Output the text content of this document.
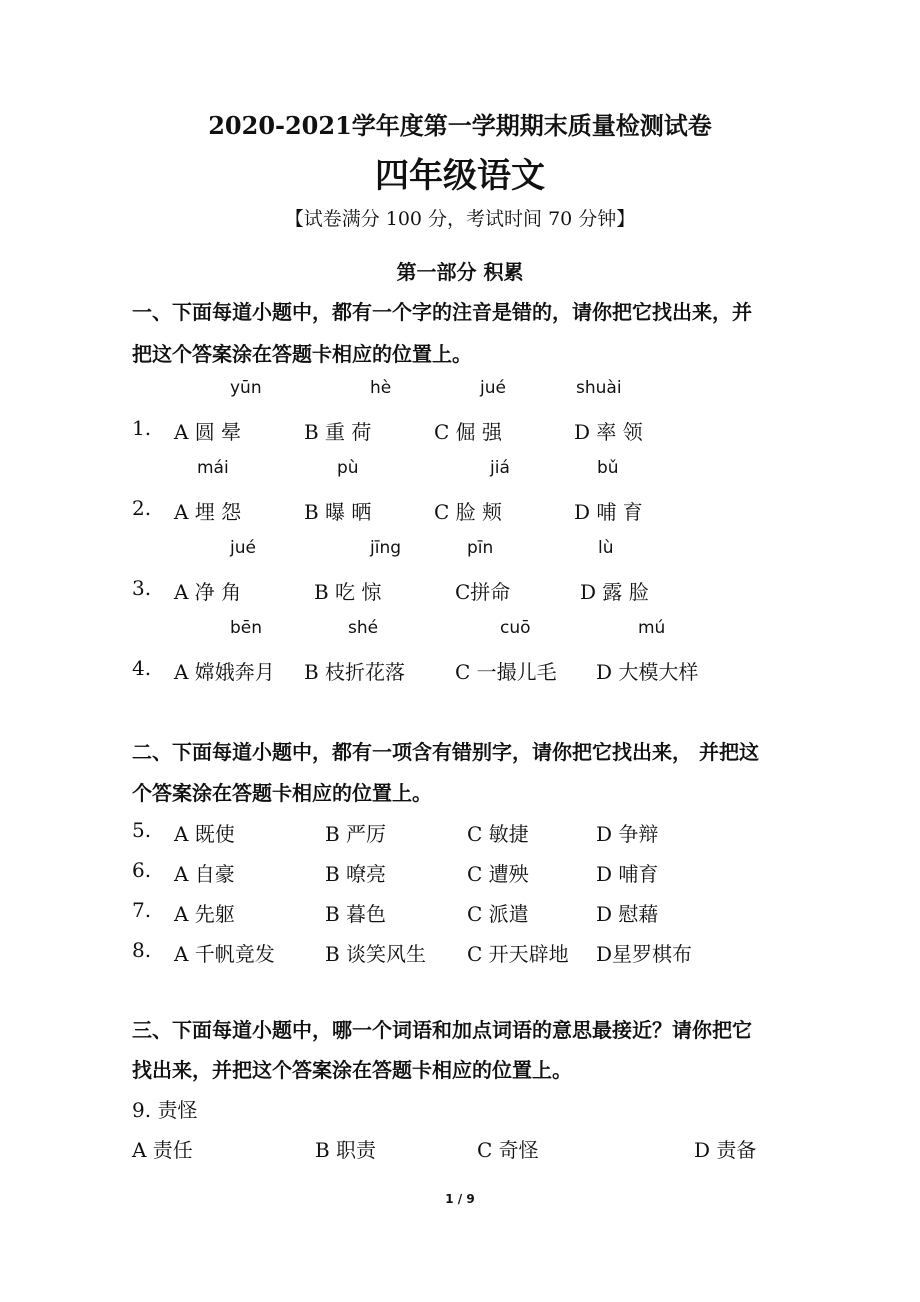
2020-2021学年度第一学期期末质量检测试卷
四年级语文
【试卷满分 100 分，考试时间 70 分钟】
第一部分 积累
一、下面每道小题中，都有一个字的注音是错的，请你把它找出来，并
把这个答案涂在答题卡相应的位置上。
yūn	hè	jué	shuài
1. A 圆 晕	B 重 荷	C 倔 强	D 率 领
mái	pù	jiá	bǔ
2. A 埋 怨	B 曝 晒	C 脸 颊	D 哺 育
jué	jīng	pīn	lù
3. A 净 角	B 吃 惊	C拼命	D 露 脸
bēn	shé	cuō	mú
4. A 嫦娥奔月 B 枝折花落 C 一撮儿毛 D 大模大样
二、下面每道小题中，都有一项含有错别字，请你把它找出来， 并把这
个答案涂在答题卡相应的位置上。
5. A 既使	B 严厉	C 敏捷	D 争辩
6. A 自豪	B 嘹亮	C 遭殃	D 哺育
7. A 先躯	B 暮色	C 派遣	D 慰藉
8. A 千帆竟发	B 谈笑风生 C 开天辟地 D星罗棋布
三、下面每道小题中，哪一个词语和加点词语的意思最接近？请你把它
找出来，并把这个答案涂在答题卡相应的位置上。
9. 责怪
A 责任	B 职责	C 奇怪	D 责备
1 / 9
